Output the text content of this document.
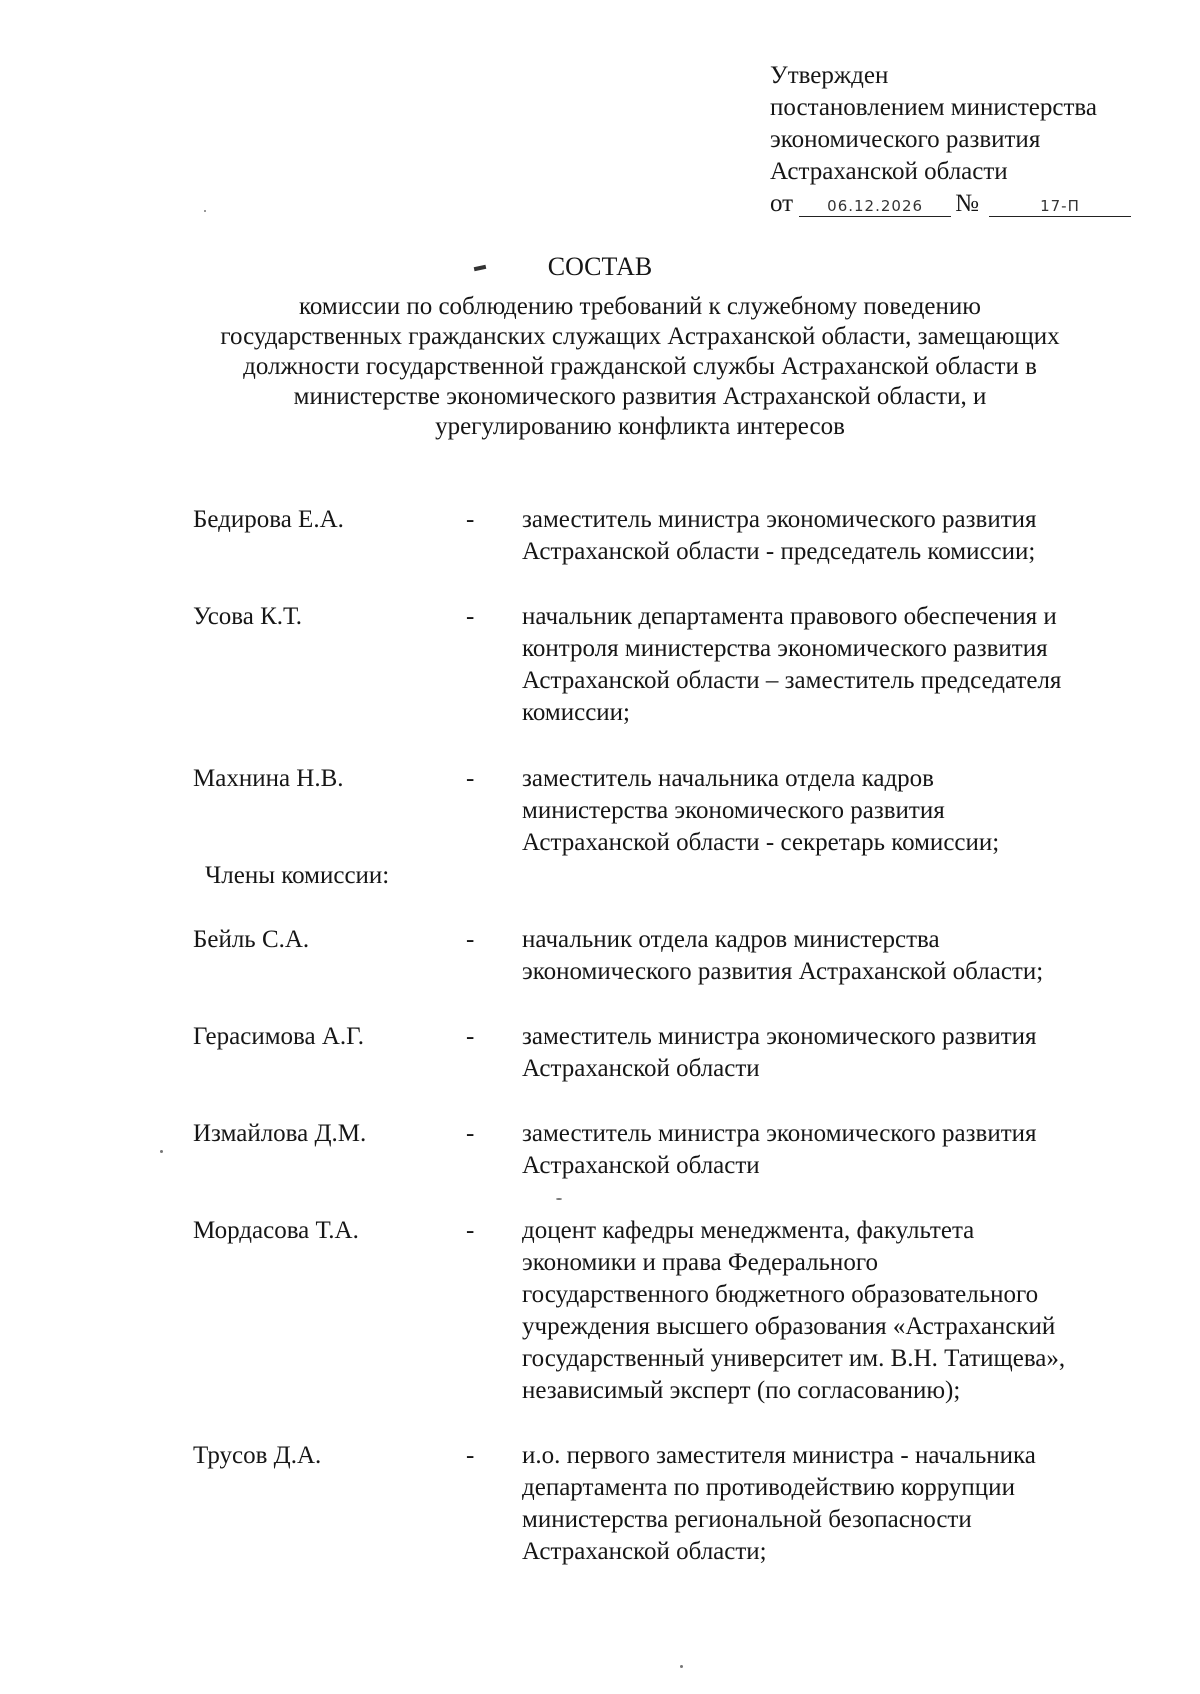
Утвержден
постановлением министерства
экономического развития
Астраханской области
от 06.12.2026 №	17-П
СОСТАВ
комиссии по соблюдению требований к служебному поведению
государственных гражданских служащих Астраханской области, замещающих
должности государственной гражданской службы Астраханской области в
министерстве экономического развития Астраханской области, и
урегулированию конфликта интересов
Бедирова Е.А.	- заместитель министра экономического развития
Астраханской области - председатель комиссии;
Усова К.Т.	- начальник департамента правового обеспечения и
контроля министерства экономического развития
Астраханской области – заместитель председателя
комиссии;
Махнина Н.В.	- заместитель начальника отдела кадров
министерства экономического развития
Астраханской области - секретарь комиссии;
Бейль С.А.	- начальник отдела кадров министерства
экономического развития Астраханской области;
Герасимова А.Г.	- заместитель министра экономического развития
Астраханской области
Измайлова Д.М.	- заместитель министра экономического развития
Астраханской области
Мордасова Т.А.	- доцент кафедры менеджмента, факультета
экономики и права Федерального
государственного бюджетного образовательного
учреждения высшего образования «Астраханский
государственный университет им. В.Н. Татищева»,
независимый эксперт (по согласованию);
Трусов Д.А.	- и.о. первого заместителя министра - начальника
департамента по противодействию коррупции
министерства региональной безопасности
Астраханской области;
Члены комиссии:
